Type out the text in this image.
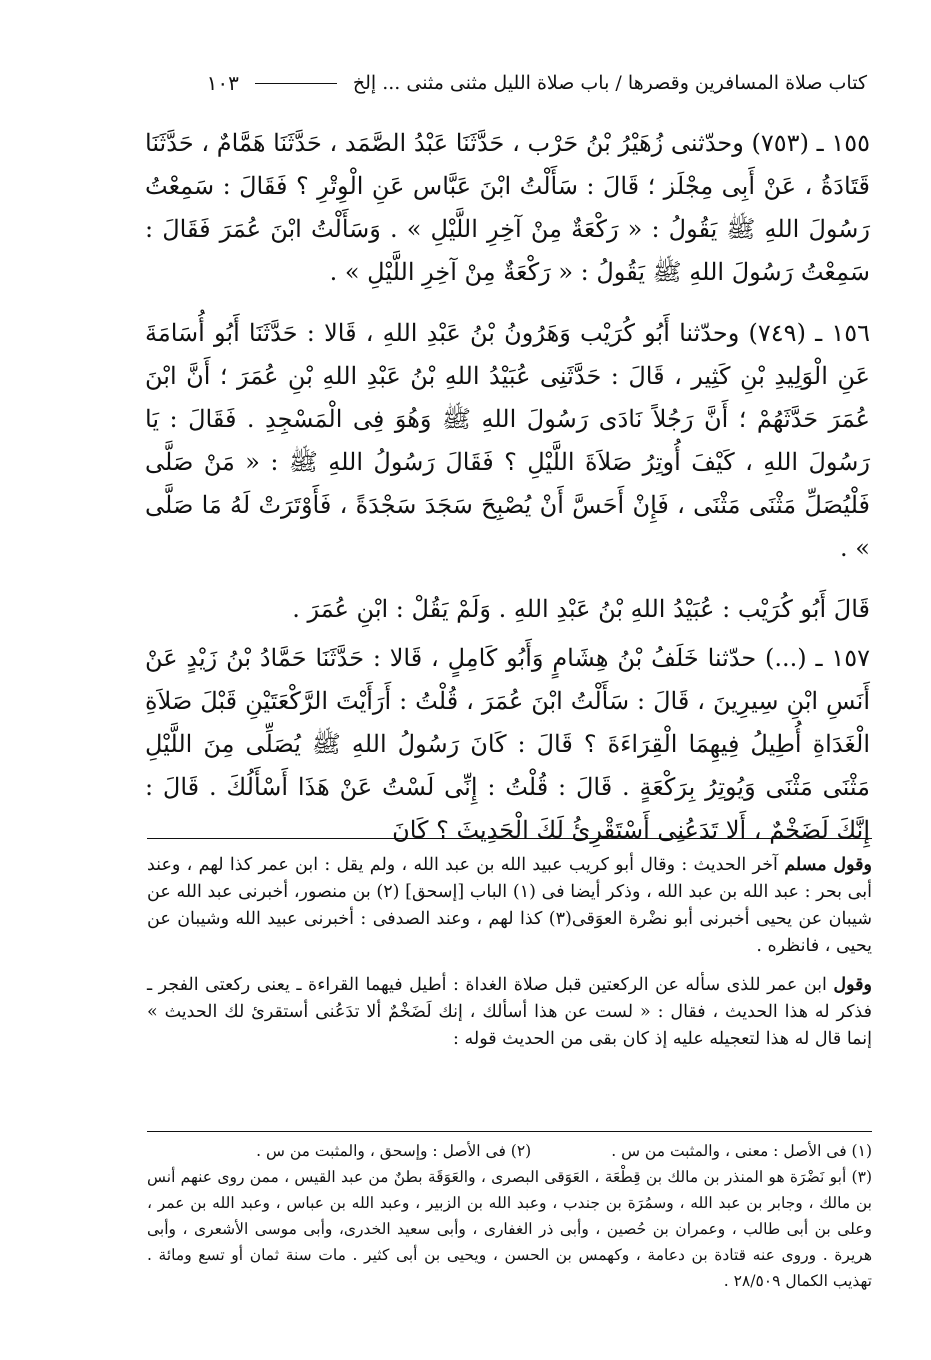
كتاب صلاة المسافرين وقصرها / باب صلاة الليل مثنى مثنى ... إلخ
١٠٣

١٥٥ ـ (٧٥٣) وحدّثنى زُهَيْرُ بْنُ حَرْب ، حَدَّثَنَا عَبْدُ الصَّمَد ، حَدَّثَنَا هَمَّامٌ ، حَدَّثَنَا قَتَادَةُ ، عَنْ أَبِى مِجْلَز ؛ قَالَ : سَأَلْتُ ابْنَ عَبَّاس عَنِ الْوِتْرِ ؟ فَقَالَ : سَمِعْتُ رَسُولَ اللهِ ﷺ يَقُولُ : « رَكْعَةٌ مِنْ آخِرِ اللَّيْلِ » . وَسَأَلْتُ ابْنَ عُمَرَ فَقَالَ : سَمِعْتُ رَسُولَ اللهِ ﷺ يَقُولُ : « رَكْعَةٌ مِنْ آخِرِ اللَّيْلِ » .

١٥٦ ـ (٧٤٩) وحدّثنا أَبُو كُرَيْب وَهَرُونُ بْنُ عَبْدِ اللهِ ، قَالا : حَدَّثَنَا أَبُو أُسَامَةَ عَنِ الْوَلِيدِ بْنِ كَثِير ، قَالَ : حَدَّثَنِى عُبَيْدُ اللهِ بْنُ عَبْدِ اللهِ بْنِ عُمَرَ ؛ أَنَّ ابْنَ عُمَرَ حَدَّثَهُمْ ؛ أَنَّ رَجُلاً نَادَى رَسُولَ اللهِ ﷺ وَهُوَ فِى الْمَسْجِدِ . فَقَالَ : يَا رَسُولَ اللهِ ، كَيْفَ أُوتِرُ صَلاَةَ اللَّيْلِ ؟ فَقَالَ رَسُولُ اللهِ ﷺ : « مَنْ صَلَّى فَلْيُصَلِّ مَثْنَى مَثْنَى ، فَإِنْ أَحَسَّ أَنْ يُصْبِحَ سَجَدَ سَجْدَةً ، فَأَوْتَرَتْ لَهُ مَا صَلَّى » .

قَالَ أَبُو كُرَيْب : عُبَيْدُ اللهِ بْنُ عَبْدِ اللهِ . وَلَمْ يَقُلْ : ابْنِ عُمَرَ .

١٥٧ ـ (...) حدّثنا خَلَفُ بْنُ هِشَامٍ وَأَبُو كَامِلٍ ، قَالا : حَدَّثَنَا حَمَّادُ بْنُ زَيْدٍ عَنْ أَنَسِ ابْنِ سِيرِينَ ، قَالَ : سَأَلْتُ ابْنَ عُمَرَ ، قُلْتُ : أَرَأَيْتَ الرَّكْعَتَيْنِ قَبْلَ صَلاَةِ الْغَدَاةِ أُطِيلُ فِيهِمَا الْقِرَاءَةَ ؟ قَالَ : كَانَ رَسُولُ اللهِ ﷺ يُصَلِّى مِنَ اللَّيْلِ مَثْنَى مَثْنَى وَيُوتِرُ بِرَكْعَةٍ . قَالَ : قُلْتُ : إِنِّى لَسْتُ عَنْ هَذَا أَسْأَلُكَ . قَالَ : إِنَّكَ لَضَخْمٌ ، أَلا تَدَعُنِى أَسْتَقْرِئُ لَكَ الْحَدِيثَ ؟ كَانَ

وقول مسلم آخر الحديث : وقال أبو كريب عبيد الله بن عبد الله ، ولم يقل : ابن عمر كذا لهم ، وعند أبى بحر : عبد الله بن عبد الله ، وذكر أيضا فى (١) الباب [إسحق] (٢) بن منصور، أخبرنى عبد الله عن شيبان عن يحيى أخبرنى أبو نضْرة العوَقى(٣) كذا لهم ، وعند الصدفى : أخبرنى عبيد الله وشيبان عن يحيى ، فانظره .

وقول ابن عمر للذى سأله عن الركعتين قبل صلاة الغداة : أطيل فيهما القراءة ـ يعنى ركعتى الفجر ـ فذكر له هذا الحديث ، فقال : « لست عن هذا أسألك ، إنك لَضَخْمٌ ألا تدَعُنى أستقرئ لك الحديث » إنما قال له هذا لتعجيله عليه إذ كان بقى من الحديث قوله :

(١) فى الأصل : معنى ، والمثبت من س .
(٢) فى الأصل : وإسحق ، والمثبت من س .

(٣) أبو نَضْرَة هو المنذر بن مالك بن قِطْعَة ، العَوَقى البصرى ، والعَوَقَة بطنٌ من عبد القيس ، ممن روى عنهم أنس بن مالك ، وجابر بن عبد الله ، وسمُرَة بن جندب ، وعبد الله بن الزبير ، وعبد الله بن عباس ، وعبد الله بن عمر ، وعلى بن أبى طالب ، وعمران بن حُصين ، وأبى ذر الغفارى ، وأبى سعيد الخدرى، وأبى موسى الأشعرى ، وأبى هريرة . وروى عنه قتادة بن دعامة ، وكهمس بن الحسن ، ويحيى بن أبى كثير . مات سنة ثمان أو تسع ومائة . تهذيب الكمال ٢٨/٥٠٩ .
